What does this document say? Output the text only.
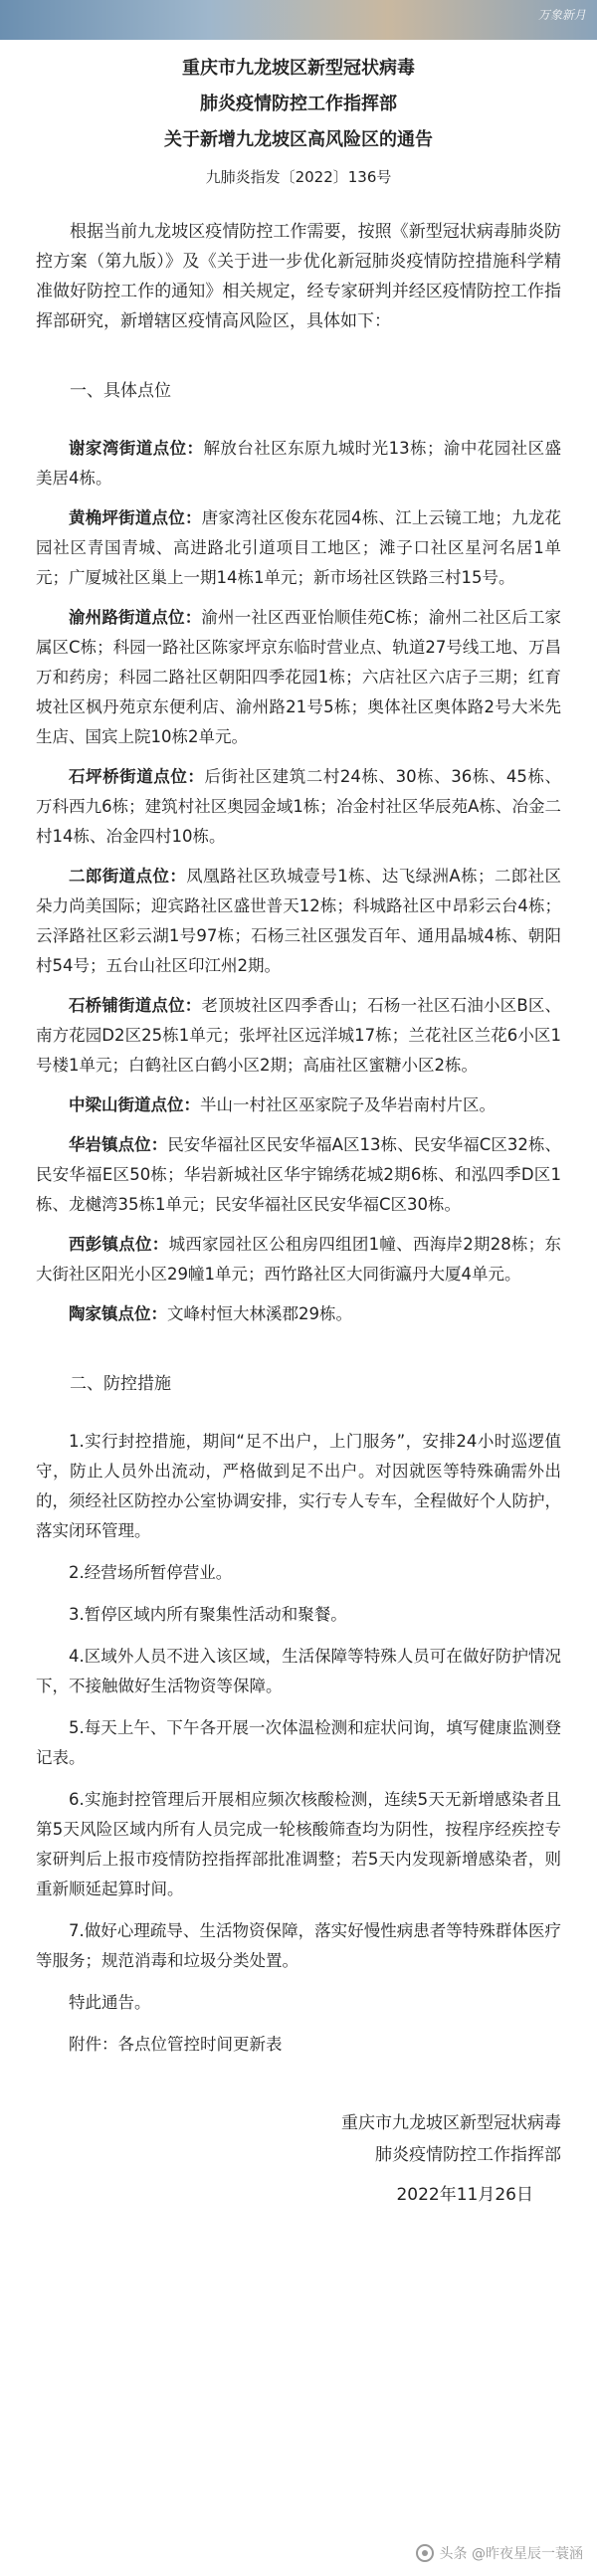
万象新月
重庆市九龙坡区新型冠状病毒
肺炎疫情防控工作指挥部
关于新增九龙坡区高风险区的通告
九肺炎指发〔2022〕136号
根据当前九龙坡区疫情防控工作需要，按照《新型冠状病毒肺炎防控方案（第九版）》及《关于进一步优化新冠肺炎疫情防控措施科学精准做好防控工作的通知》相关规定，经专家研判并经区疫情防控工作指挥部研究，新增辖区疫情高风险区，具体如下：
一、具体点位
谢家湾街道点位：解放台社区东原九城时光13栋；渝中花园社区盛美居4栋。
黄桷坪街道点位：唐家湾社区俊东花园4栋、江上云镜工地；九龙花园社区青国青城、高进路北引道项目工地区；滩子口社区星河名居1单元；广厦城社区巢上一期14栋1单元；新市场社区铁路三村15号。
渝州路街道点位：渝州一社区西亚怡顺佳苑C栋；渝州二社区后工家属区C栋；科园一路社区陈家坪京东临时营业点、轨道27号线工地、万昌万和药房；科园二路社区朝阳四季花园1栋；六店社区六店子三期；红育坡社区枫丹苑京东便利店、渝州路21号5栋；奥体社区奥体路2号大米先生店、国宾上院10栋2单元。
石坪桥街道点位：后街社区建筑二村24栋、30栋、36栋、45栋、万科西九6栋；建筑村社区奥园金域1栋；冶金村社区华辰苑A栋、冶金二村14栋、冶金四村10栋。
二郎街道点位：凤凰路社区玖城壹号1栋、达飞绿洲A栋；二郎社区朵力尚美国际；迎宾路社区盛世普天12栋；科城路社区中昂彩云台4栋；云泽路社区彩云湖1号97栋；石杨三社区强发百年、通用晶城4栋、朝阳村54号；五台山社区印江州2期。
石桥铺街道点位：老顶坡社区四季香山；石杨一社区石油小区B区、南方花园D2区25栋1单元；张坪社区远洋城17栋；兰花社区兰花6小区1号楼1单元；白鹤社区白鹤小区2期；高庙社区蜜糖小区2栋。
中梁山街道点位：半山一村社区巫家院子及华岩南村片区。
华岩镇点位：民安华福社区民安华福A区13栋、民安华福C区32栋、民安华福E区50栋；华岩新城社区华宇锦绣花城2期6栋、和泓四季D区1栋、龙樾湾35栋1单元；民安华福社区民安华福C区30栋。
西彭镇点位：城西家园社区公租房四组团1幢、西海岸2期28栋；东大街社区阳光小区29幢1单元；西竹路社区大同街瀛丹大厦4单元。
陶家镇点位：文峰村恒大林溪郡29栋。
二、防控措施
1.实行封控措施，期间“足不出户，上门服务”，安排24小时巡逻值守，防止人员外出流动，严格做到足不出户。对因就医等特殊确需外出的，须经社区防控办公室协调安排，实行专人专车，全程做好个人防护，落实闭环管理。
2.经营场所暂停营业。
3.暂停区域内所有聚集性活动和聚餐。
4.区域外人员不进入该区域，生活保障等特殊人员可在做好防护情况下，不接触做好生活物资等保障。
5.每天上午、下午各开展一次体温检测和症状问询，填写健康监测登记表。
6.实施封控管理后开展相应频次核酸检测，连续5天无新增感染者且第5天风险区域内所有人员完成一轮核酸筛查均为阴性，按程序经疾控专家研判后上报市疫情防控指挥部批准调整；若5天内发现新增感染者，则重新顺延起算时间。
7.做好心理疏导、生活物资保障，落实好慢性病患者等特殊群体医疗等服务；规范消毒和垃圾分类处置。
特此通告。
附件：各点位管控时间更新表
重庆市九龙坡区新型冠状病毒
肺炎疫情防控工作指挥部
2022年11月26日
头条 @昨夜星辰一蓑涵
